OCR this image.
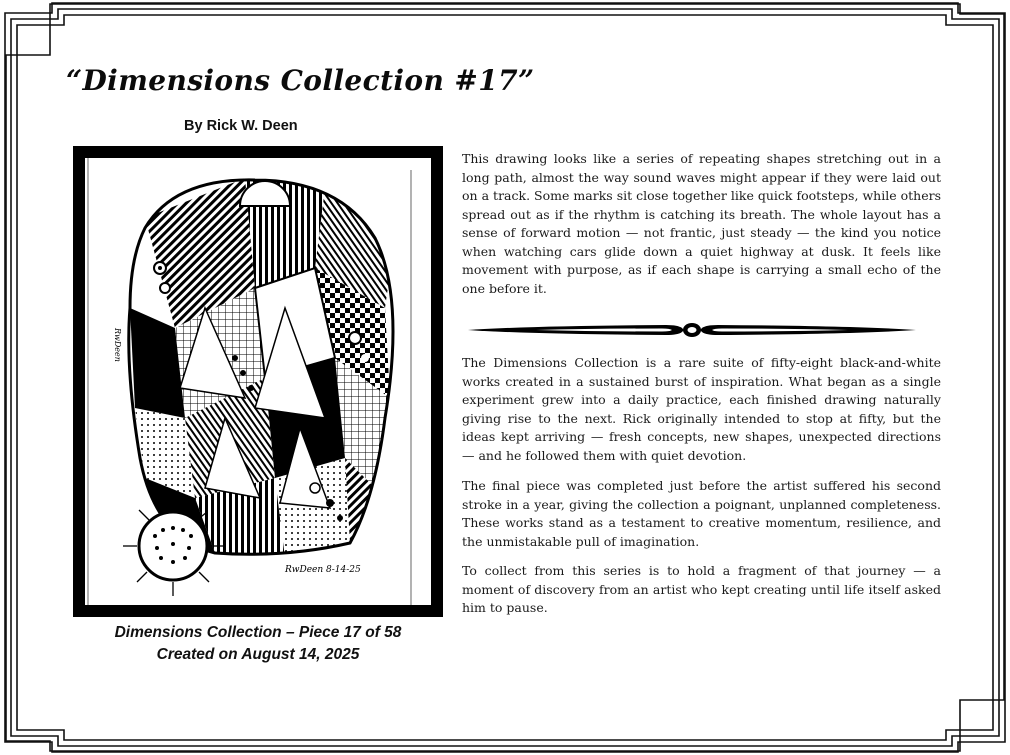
“Dimensions Collection #17”
By Rick W. Deen
RwDeen
RwDeen 8-14-25
Dimensions Collection – Piece 17 of 58
Created on August 14, 2025

This drawing looks like a series of repeating shapes stretching out in a long path, almost the way sound waves might appear if they were laid out on a track. Some marks sit close together like quick footsteps, while others spread out as if the rhythm is catching its breath. The whole layout has a sense of forward motion — not frantic, just steady — the kind you notice when watching cars glide down a quiet highway at dusk. It feels like movement with purpose, as if each shape is carrying a small echo of the one before it.

The Dimensions Collection is a rare suite of fifty-eight black-and-white works created in a sustained burst of inspiration. What began as a single experiment grew into a daily practice, each finished drawing naturally giving rise to the next. Rick originally intended to stop at fifty, but the ideas kept arriving — fresh concepts, new shapes, unexpected directions — and he followed them with quiet devotion.

The final piece was completed just before the artist suffered his second stroke in a year, giving the collection a poignant, unplanned completeness. These works stand as a testament to creative momentum, resilience, and the unmistakable pull of imagination.

To collect from this series is to hold a fragment of that journey — a moment of discovery from an artist who kept creating until life itself asked him to pause.
